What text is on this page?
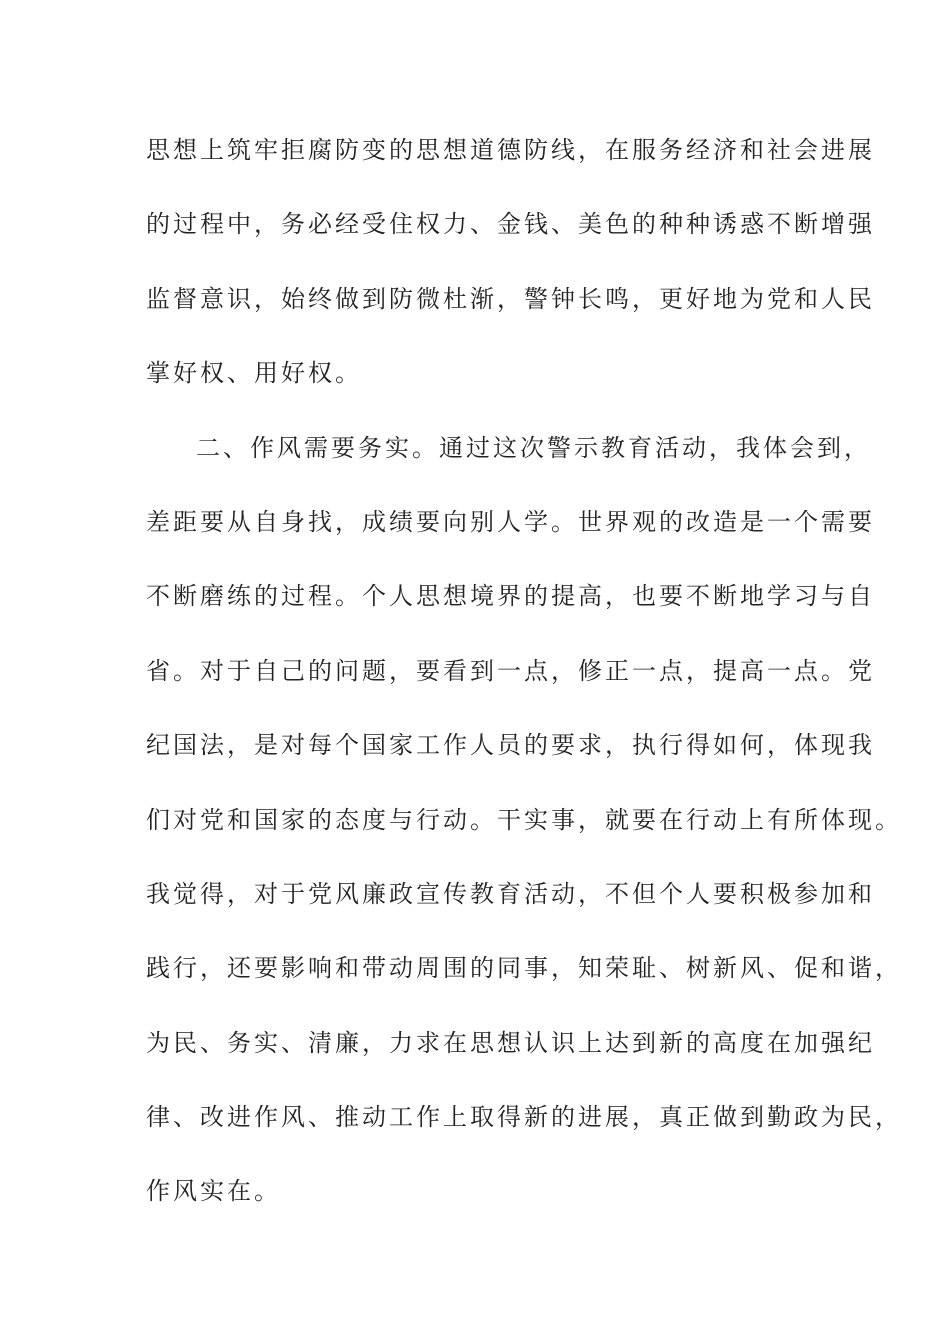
思想上筑牢拒腐防变的思想道德防线，在服务经济和社会进展
的过程中，务必经受住权力、金钱、美色的种种诱惑不断增强
监督意识，始终做到防微杜渐，警钟长鸣，更好地为党和人民
掌好权、用好权。
二、作风需要务实。通过这次警示教育活动，我体会到，
差距要从自身找，成绩要向别人学。世界观的改造是一个需要
不断磨练的过程。个人思想境界的提高，也要不断地学习与自
省。对于自己的问题，要看到一点，修正一点，提高一点。党
纪国法，是对每个国家工作人员的要求，执行得如何，体现我
们对党和国家的态度与行动。干实事，就要在行动上有所体现。
我觉得，对于党风廉政宣传教育活动，不但个人要积极参加和
践行，还要影响和带动周围的同事，知荣耻、树新风、促和谐，
为民、务实、清廉，力求在思想认识上达到新的高度在加强纪
律、改进作风、推动工作上取得新的进展，真正做到勤政为民，
作风实在。
